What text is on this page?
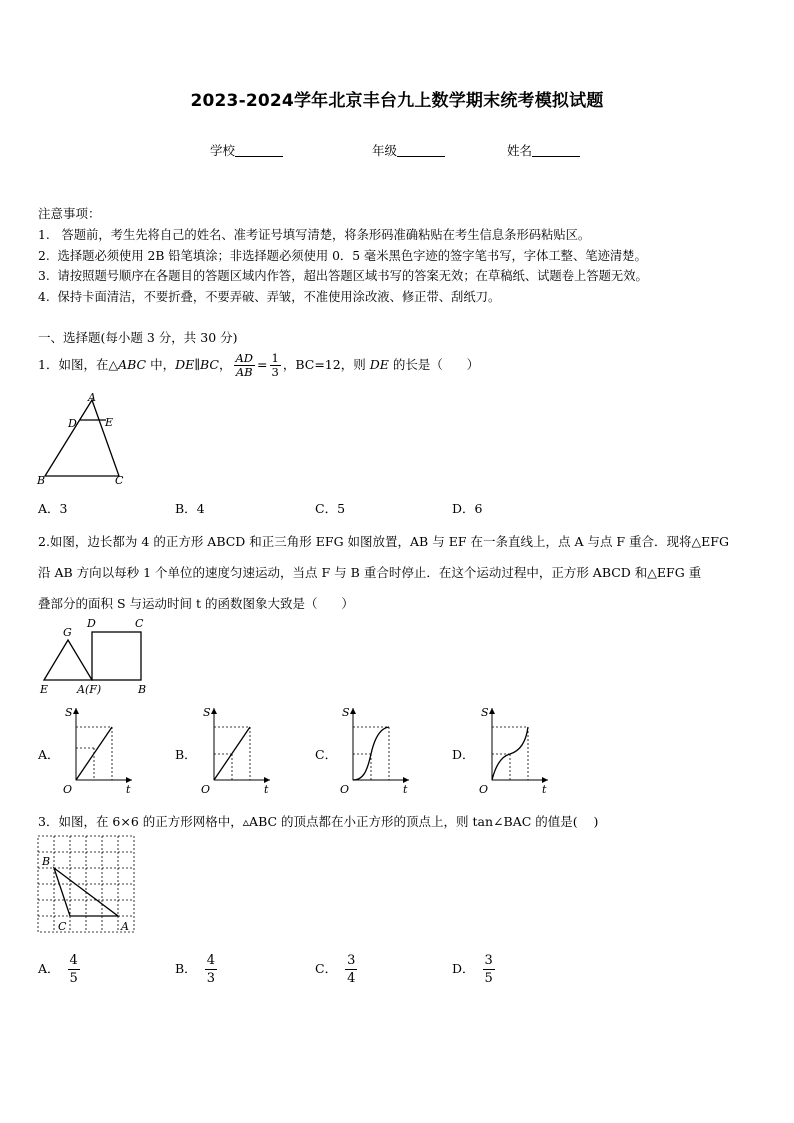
2023-2024学年北京丰台九上数学期末统考模拟试题
学校	年级	姓名
注意事项：
1.   答题前，考生先将自己的姓名、准考证号填写清楚，将条形码准确粘贴在考生信息条形码粘贴区。
2.  选择题必须使用 2B 铅笔填涂；非选择题必须使用 0．5 毫米黑色字迹的签字笔书写，字体工整、笔迹清楚。
3.  请按照题号顺序在各题目的答题区域内作答，超出答题区域书写的答案无效；在草稿纸、试题卷上答题无效。
4.  保持卡面清洁，不要折叠，不要弄破、弄皱，不准使用涂改液、修正带、刮纸刀。
一、选择题(每小题 3 分，共 30 分)
1．如图，在△ABC 中，DE∥BC， $\frac{AD}{AB} = \frac{1}{3}$ ，BC=12，则 DE 的长是（      ）
A
D	E
B	C
A．3	B．4	C．5	D．6
2.如图，边长都为 4 的正方形 ABCD 和正三角形 EFG 如图放置，AB 与 EF 在一条直线上，点 A 与点 F 重合．现将△EFG
沿 AB 方向以每秒 1 个单位的速度匀速运动，当点 F 与 B 重合时停止．在这个运动过程中，正方形 ABCD 和△EFG 重
叠部分的面积 S 与运动时间 t 的函数图象大致是（      ）
G
D	C
E	A(F)	B
A．
S
O	t
B．
S
O	t
C．
S
O	t
D．
S
O	t
3．如图，在 6×6 的正方形网格中，▵ABC 的顶点都在小正方形的顶点上，则 tan∠BAC 的值是(    )
B
C	A
A． $\frac{4}{5}$	B． $\frac{4}{3}$	C． $\frac{3}{4}$	D． $\frac{3}{5}$
